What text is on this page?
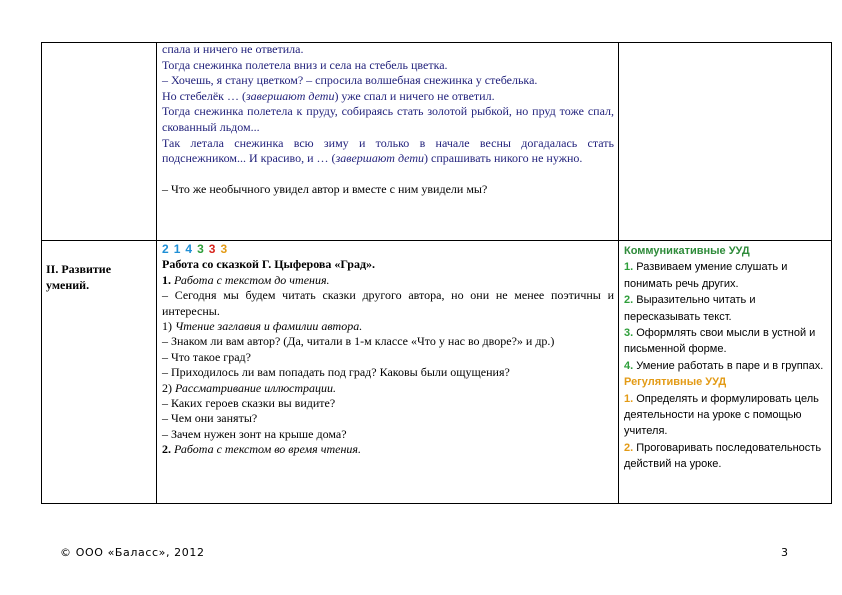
спала и ничего не ответила.

Тогда снежинка полетела вниз и села на стебель цветка.

– Хочешь, я стану цветком? – спросила волшебная снежинка у стебелька.

Но стебелёк … (завершают дети) уже спал и ничего не ответил.

Тогда снежинка полетела к пруду, собираясь стать золотой рыбкой, но пруд тоже спал, скованный льдом...

Так летала снежинка всю зиму и только в начале весны догадалась стать подснежником... И красиво, и … (завершают дети) спрашивать никого не нужно.

– Что же необычного увидел автор и вместе с ним увидели мы?

II. Развитие умений.

2 1 4 3 3 3

Работа со сказкой Г. Цыферова «Град».

1. Работа с текстом до чтения.

– Сегодня мы будем читать сказки другого автора, но они не менее поэтичны и интересны.

1) Чтение заглавия и фамилии автора.

– Знаком ли вам автор? (Да, читали в 1-м классе «Что у нас во дворе?» и др.)

– Что такое град?

– Приходилось ли вам попадать под град? Каковы были ощущения?

2) Рассматривание иллюстрации.

– Каких героев сказки вы видите?

– Чем они заняты?

– Зачем нужен зонт на крыше дома?

2. Работа с текстом во время чтения.

Коммуникативные УУД

1. Развиваем умение слушать и понимать речь других.

2. Выразительно читать и пересказывать текст.

3. Оформлять свои мысли в устной и письменной форме.

4. Умение работать в паре и в группах.

Регулятивные УУД

1. Определять и формулировать цель деятельности на уроке с помощью учителя.

2. Проговаривать последовательность действий на уроке.

© ООО «Баласс», 2012	3
